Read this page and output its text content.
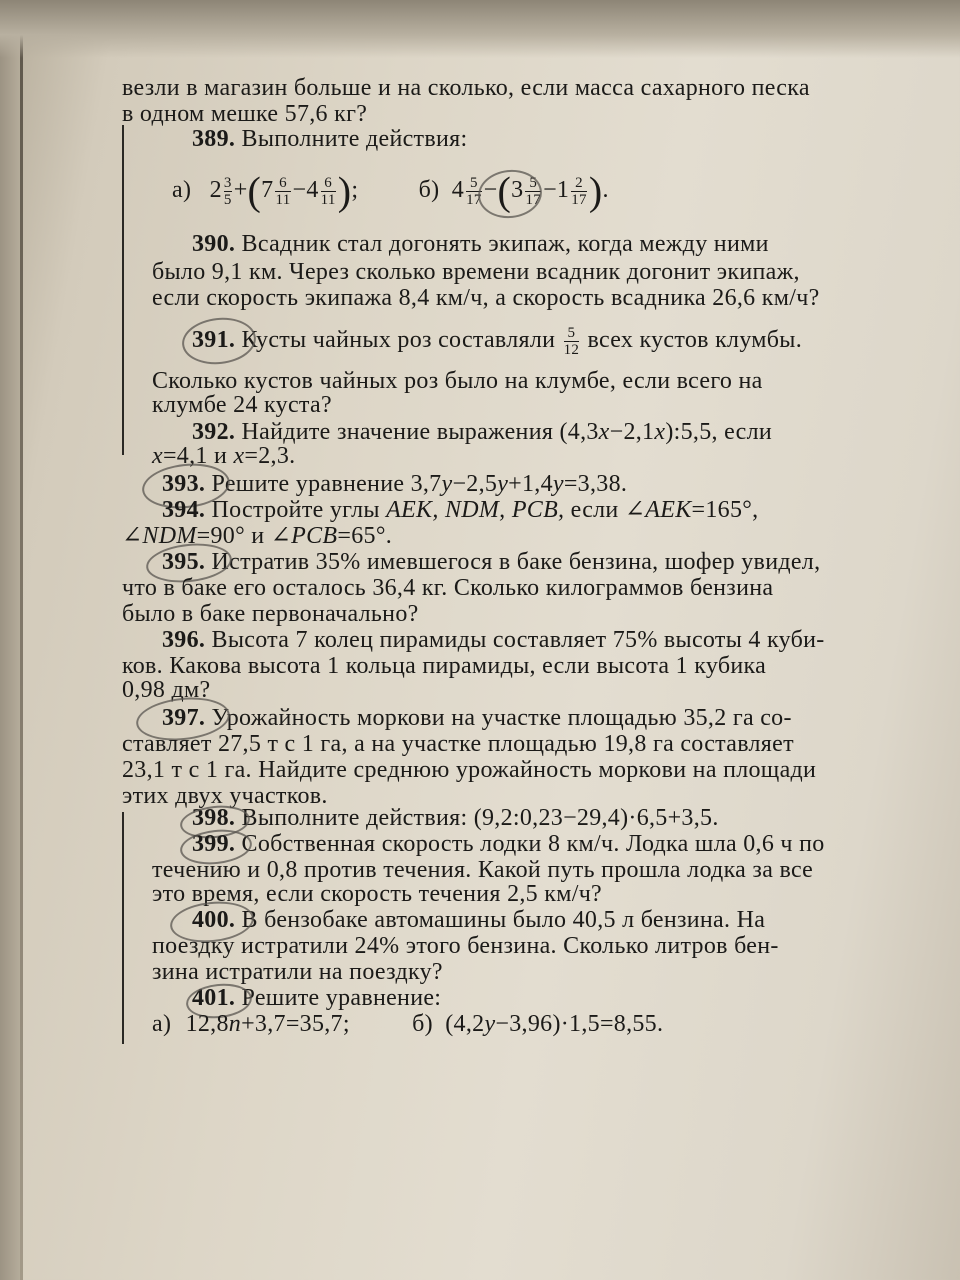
везли в магазин больше и на сколько, если масса сахарного песка
в одном мешке 57,6 кг?
389. Выполните действия:
а) $2 \frac{3}{5} +(7 \frac{6}{11} -4 \frac{6}{11}$ );	б) $4 \frac{5}{17} -(3 \frac{5}{17} -1 \frac{2}{17}$ ).
390. Всадник стал догонять экипаж, когда между ними
было 9,1 км. Через сколько времени всадник догонит экипаж,
если скорость экипажа 8,4 км/ч, а скорость всадника 26,6 км/ч?
391. Кусты чайных роз составляли $\frac{5}{12}$ всех кустов клумбы.
Сколько кустов чайных роз было на клумбе, если всего на
клумбе 24 куста?
392. Найдите значение выражения (4,3x−2,1x):5,5, если
x=4,1 и x=2,3.
393. Решите уравнение 3,7y−2,5y+1,4y=3,38.
394. Постройте углы AEK, NDM, PCB, если ∠AEK=165°,
∠NDM=90° и ∠PCB=65°.
395. Истратив 35% имевшегося в баке бензина, шофер увидел,
что в баке его осталось 36,4 кг. Сколько килограммов бензина
было в баке первоначально?
396. Высота 7 колец пирамиды составляет 75% высоты 4 куби-
ков. Какова высота 1 кольца пирамиды, если высота 1 кубика
0,98 дм?
397. Урожайность моркови на участке площадью 35,2 га со-
ставляет 27,5 т с 1 га, а на участке площадью 19,8 га составляет
23,1 т с 1 га. Найдите среднюю урожайность моркови на площади
этих двух участков.
398. Выполните действия: (9,2:0,23−29,4)·6,5+3,5.
399. Собственная скорость лодки 8 км/ч. Лодка шла 0,6 ч по
течению и 0,8 против течения. Какой путь прошла лодка за все
это время, если скорость течения 2,5 км/ч?
400. В бензобаке автомашины было 40,5 л бензина. На
поездку истратили 24% этого бензина. Сколько литров бен-
зина истратили на поездку?
401. Решите уравнение:
а) 12,8n+3,7=35,7;	б) (4,2y−3,96)·1,5=8,55.
